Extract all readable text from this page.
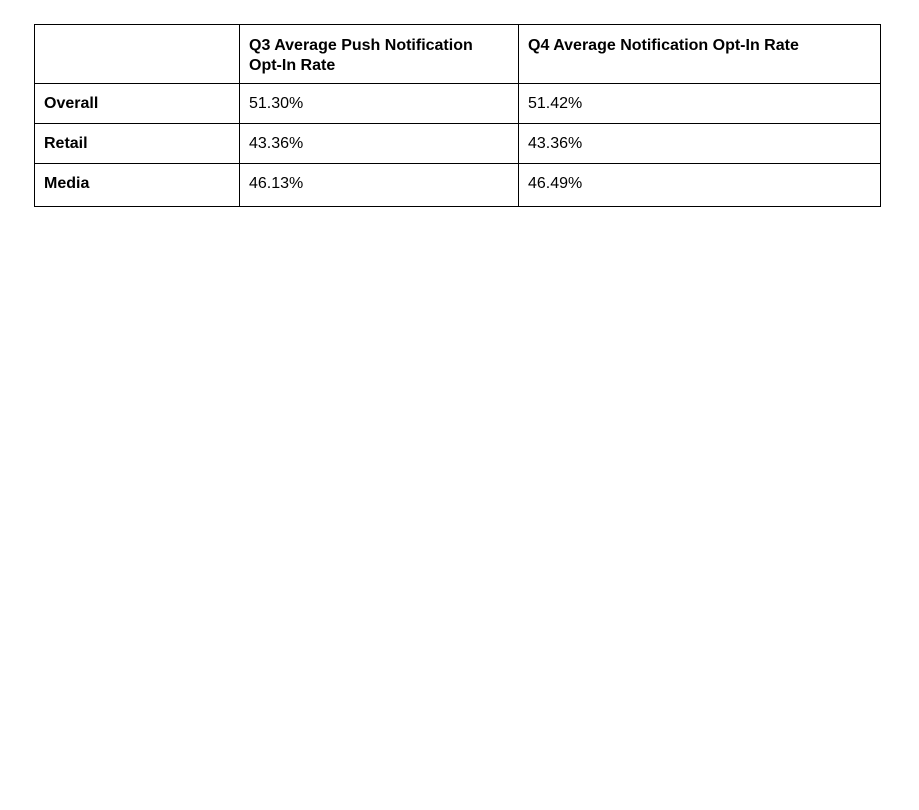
	Q3 Average Push Notification Opt-In Rate	Q4 Average Notification Opt-In Rate
Overall	51.30%	51.42%
Retail	43.36%	43.36%
Media	46.13%	46.49%
